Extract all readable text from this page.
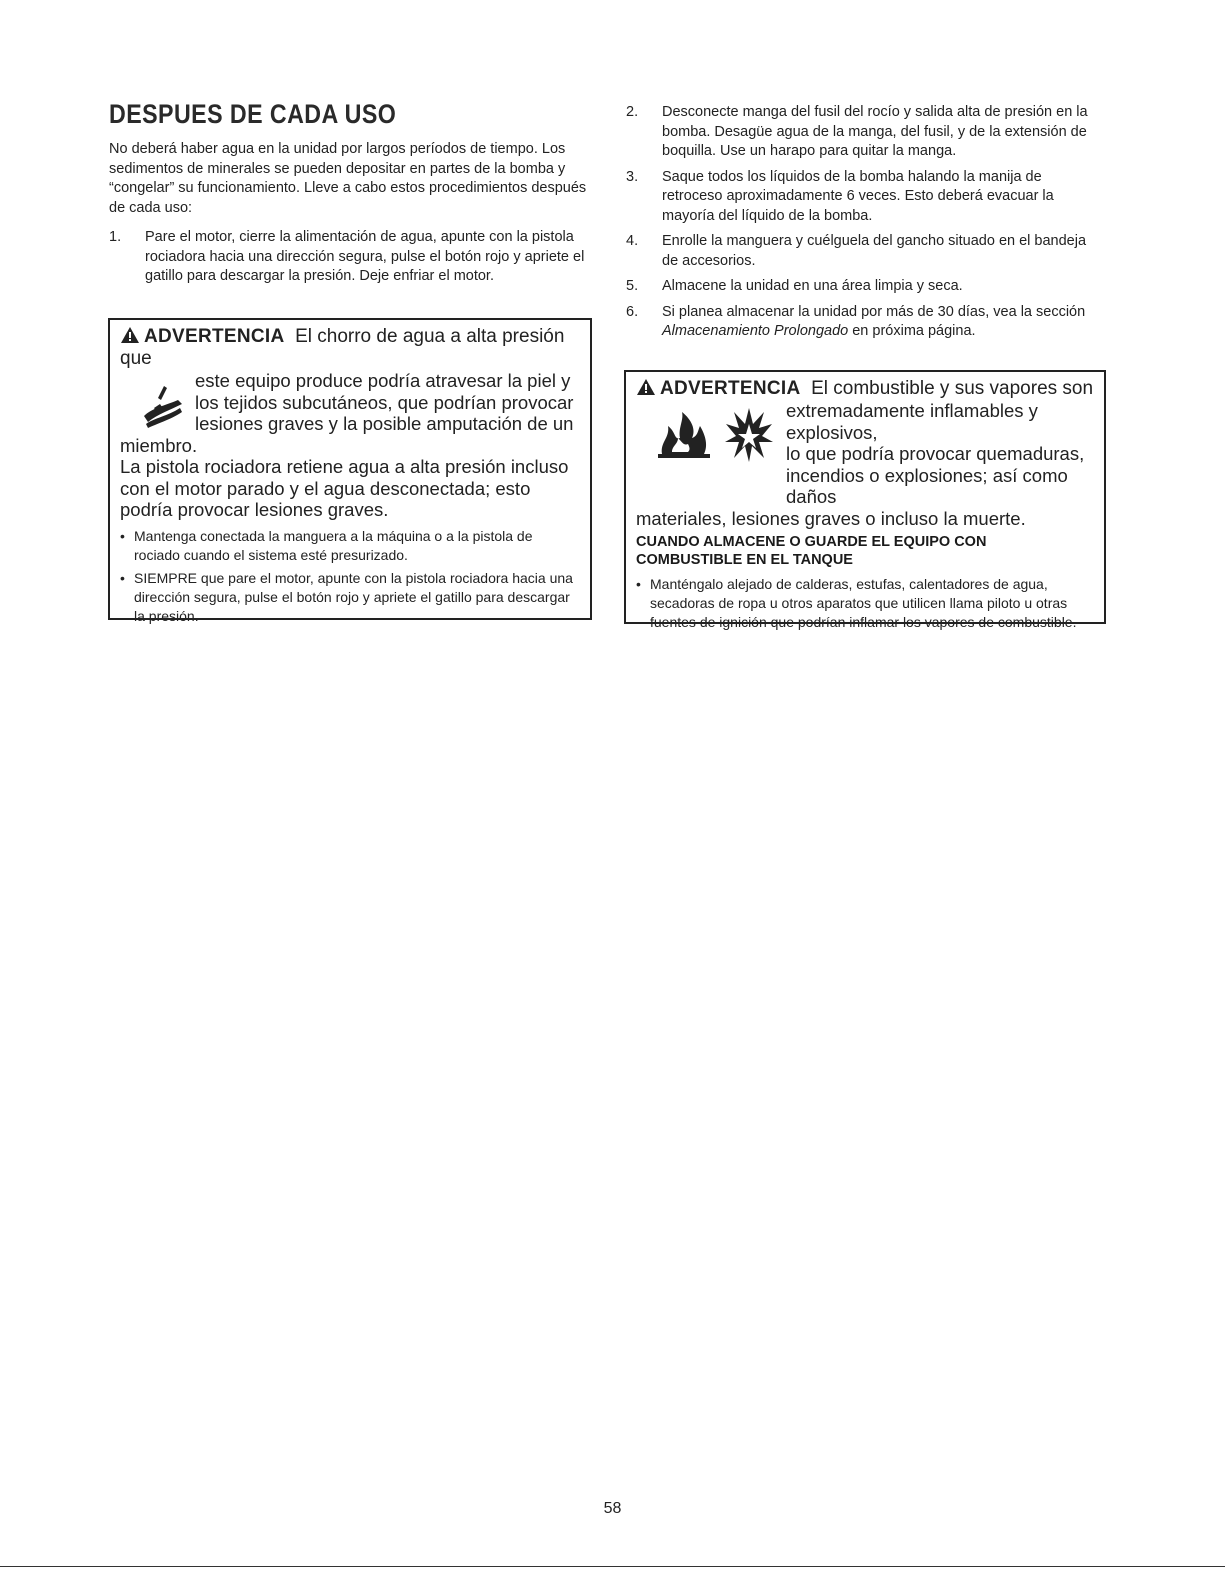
DESPUES DE CADA USO

No deberá haber agua en la unidad por largos períodos de tiempo. Los sedimentos de minerales se pueden depositar en partes de la bomba y “congelar” su funcionamiento. Lleve a cabo estos procedimientos después de cada uso:

1. Pare el motor, cierre la alimentación de agua, apunte con la pistola rociadora hacia una dirección segura, pulse el botón rojo y apriete el gatillo para descargar la presión. Deje enfriar el motor.
ADVERTENCIA El chorro de agua a alta presión que
este equipo produce podría atravesar la piel y
los tejidos subcutáneos, que podrían provocar
lesiones graves y la posible amputación de un
miembro.

La pistola rociadora retiene agua a alta presión incluso con el motor parado y el agua desconectada; esto podría provocar lesiones graves.

• Mantenga conectada la manguera a la máquina o a la pistola de rociado cuando el sistema esté presurizado.
• SIEMPRE que pare el motor, apunte con la pistola rociadora hacia una dirección segura, pulse el botón rojo y apriete el gatillo para descargar la presión.
2. Desconecte manga del fusil del rocío y salida alta de presión en la bomba. Desagüe agua de la manga, del fusil, y de la extensión de boquilla. Use un harapo para quitar la manga.
3. Saque todos los líquidos de la bomba halando la manija de retroceso aproximadamente 6 veces. Esto deberá evacuar la mayoría del líquido de la bomba.
4. Enrolle la manguera y cuélguela del gancho situado en el bandeja de accesorios.
5. Almacene la unidad en una área limpia y seca.
6. Si planea almacenar la unidad por más de 30 días, vea la sección Almacenamiento Prolongado en próxima página.
ADVERTENCIA El combustible y sus vapores son
extremadamente inflamables y explosivos,
lo que podría provocar quemaduras,
incendios o explosiones; así como daños
materiales, lesiones graves o incluso la muerte.

CUANDO ALMACENE O GUARDE EL EQUIPO CON COMBUSTIBLE EN EL TANQUE

• Manténgalo alejado de calderas, estufas, calentadores de agua, secadoras de ropa u otros aparatos que utilicen llama piloto u otras fuentes de ignición que podrían inflamar los vapores de combustible.
58
